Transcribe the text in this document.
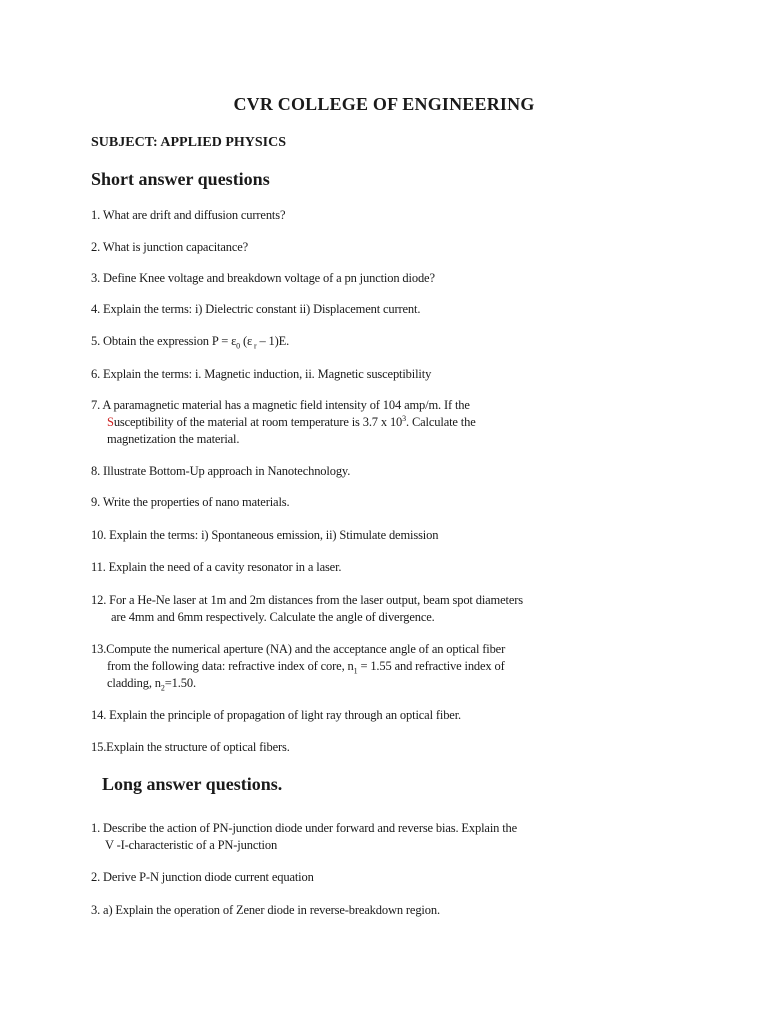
CVR COLLEGE OF ENGINEERING
SUBJECT: APPLIED PHYSICS
Short answer questions
1. What are drift and diffusion currents?
2. What is junction capacitance?
3. Define Knee voltage and breakdown voltage of a pn junction diode?
4. Explain the terms: i) Dielectric constant ii) Displacement current.
5. Obtain the expression $P = \varepsilon_0$ (ε $_r$ – 1)E.
6. Explain the terms: i. Magnetic induction, ii. Magnetic susceptibility
7. A paramagnetic material has a magnetic field intensity of 104 amp/m. If the
Susceptibility of the material at room temperature is 3.7 x $10^3$. Calculate the
magnetization the material.
8. Illustrate Bottom-Up approach in Nanotechnology.
9. Write the properties of nano materials.
10. Explain the terms: i) Spontaneous emission, ii) Stimulate demission
11. Explain the need of a cavity resonator in a laser.
12. For a He-Ne laser at 1m and 2m distances from the laser output, beam spot diameters
are 4mm and 6mm respectively. Calculate the angle of divergence.
13.Compute the numerical aperture (NA) and the acceptance angle of an optical fiber
from the following data: refractive index of core, $n_1 = 1.55$ and refractive index of
cladding, $n_2=1.50$.
14. Explain the principle of propagation of light ray through an optical fiber.
15.Explain the structure of optical fibers.
Long answer questions.
1. Describe the action of PN-junction diode under forward and reverse bias. Explain the
V -I-characteristic of a PN-junction
2. Derive P-N junction diode current equation
3. a) Explain the operation of Zener diode in reverse-breakdown region.
